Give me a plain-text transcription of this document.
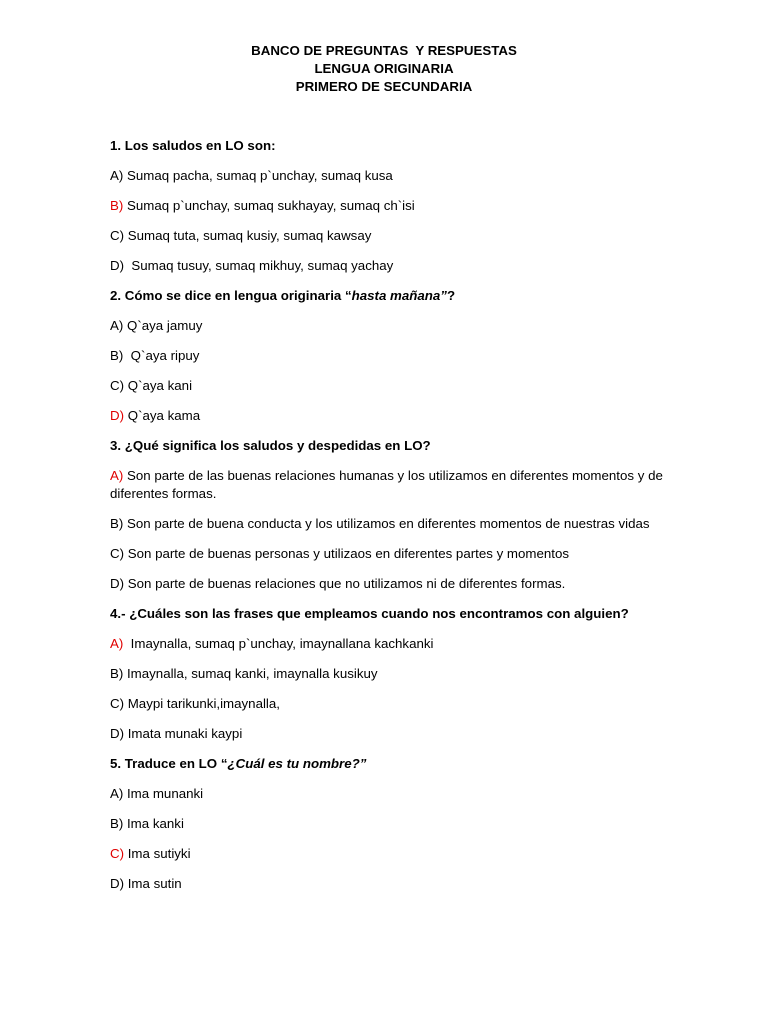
BANCO DE PREGUNTAS  Y RESPUESTAS
LENGUA ORIGINARIA
PRIMERO DE SECUNDARIA

1. Los saludos en LO son:

A) Sumaq pacha, sumaq p`unchay, sumaq kusa

B) Sumaq p`unchay, sumaq sukhayay, sumaq ch`isi

C) Sumaq tuta, sumaq kusiy, sumaq kawsay

D)  Sumaq tusuy, sumaq mikhuy, sumaq yachay

2. Cómo se dice en lengua originaria “hasta mañana”?

A) Q`aya jamuy

B)  Q`aya ripuy

C) Q`aya kani

D) Q`aya kama

3. ¿Qué significa los saludos y despedidas en LO?

A) Son parte de las buenas relaciones humanas y los utilizamos en diferentes momentos y de diferentes formas.

B) Son parte de buena conducta y los utilizamos en diferentes momentos de nuestras vidas

C) Son parte de buenas personas y utilizaos en diferentes partes y momentos

D) Son parte de buenas relaciones que no utilizamos ni de diferentes formas.

4.- ¿Cuáles son las frases que empleamos cuando nos encontramos con alguien?

A)  Imaynalla, sumaq p`unchay, imaynallana kachkanki

B) Imaynalla, sumaq kanki, imaynalla kusikuy

C) Maypi tarikunki,imaynalla,

D) Imata munaki kaypi

5. Traduce en LO “¿Cuál es tu nombre?”

A) Ima munanki

B) Ima kanki

C) Ima sutiyki

D) Ima sutin
